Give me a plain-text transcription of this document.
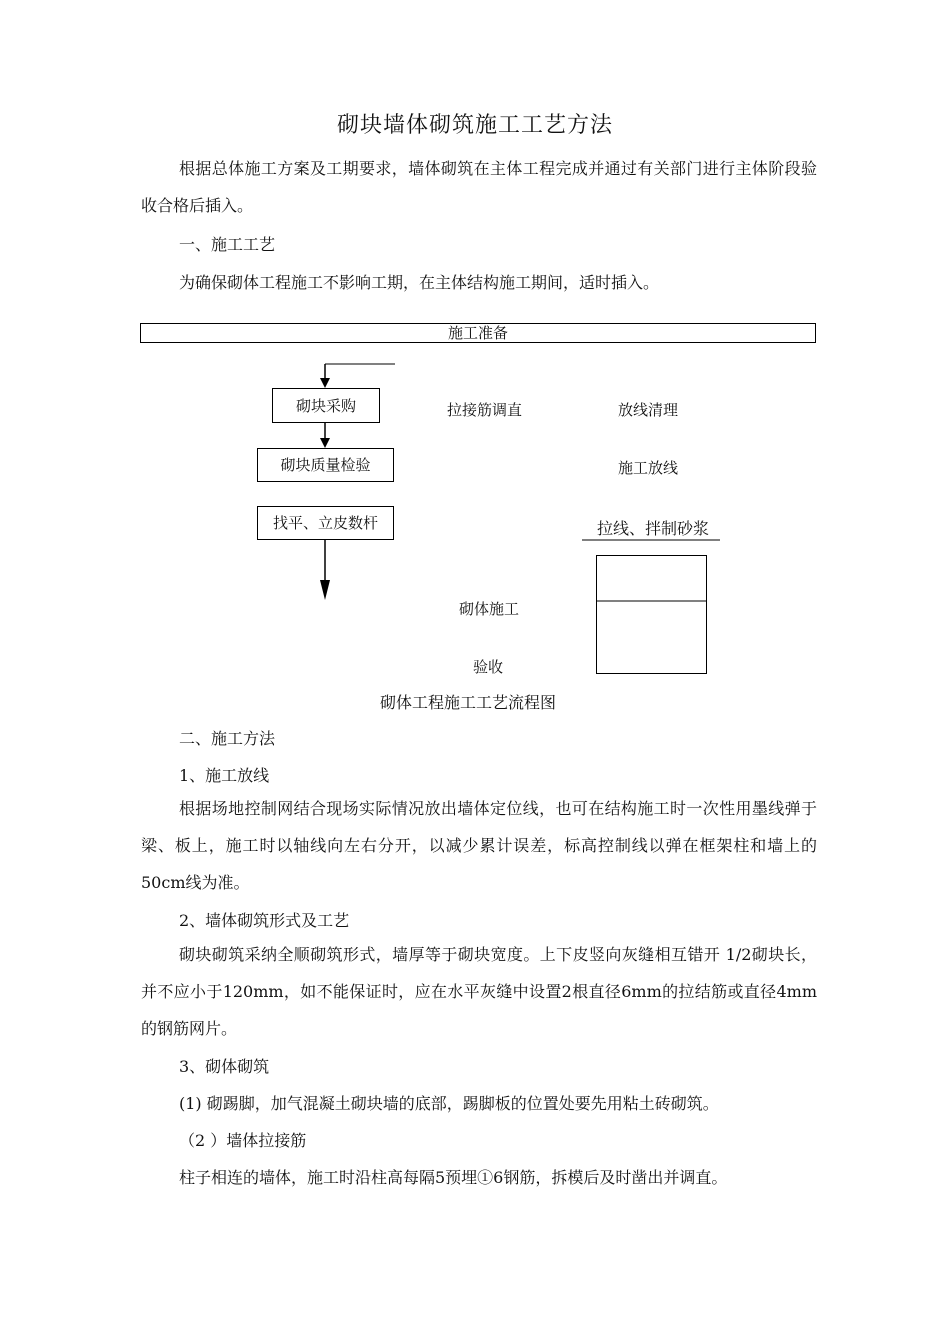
砌块墙体砌筑施工工艺方法
根据总体施工方案及工期要求，墙体砌筑在主体工程完成并通过有关部门进行主体阶段验收合格后插入。
一、施工工艺
为确保砌体工程施工不影响工期，在主体结构施工期间，适时插入。
施工准备
砌块采购
砌块质量检验
找平、立皮数杆
拉接筋调直	放线清理
施工放线
拉线、拌制砂浆
砌体施工
验收
砌体工程施工工艺流程图
二、施工方法
1、施工放线
根据场地控制网结合现场实际情况放出墙体定位线，也可在结构施工时一次性用墨线弹于梁、板上，施工时以轴线向左右分开，以减少累计误差，标高控制线以弹在框架柱和墙上的50cm线为准。
2、墙体砌筑形式及工艺
砌块砌筑采纳全顺砌筑形式，墙厚等于砌块宽度。上下皮竖向灰缝相互错开 1/2砌块长，并不应小于120mm，如不能保证时，应在水平灰缝中设置2根直径6mm的拉结筋或直径4mm的钢筋网片。
3、砌体砌筑
(1) 砌踢脚，加气混凝土砌块墙的底部，踢脚板的位置处要先用粘土砖砌筑。
（2 ）墙体拉接筋
柱子相连的墙体，施工时沿柱高每隔5预埋①6钢筋，拆模后及时凿出并调直。
